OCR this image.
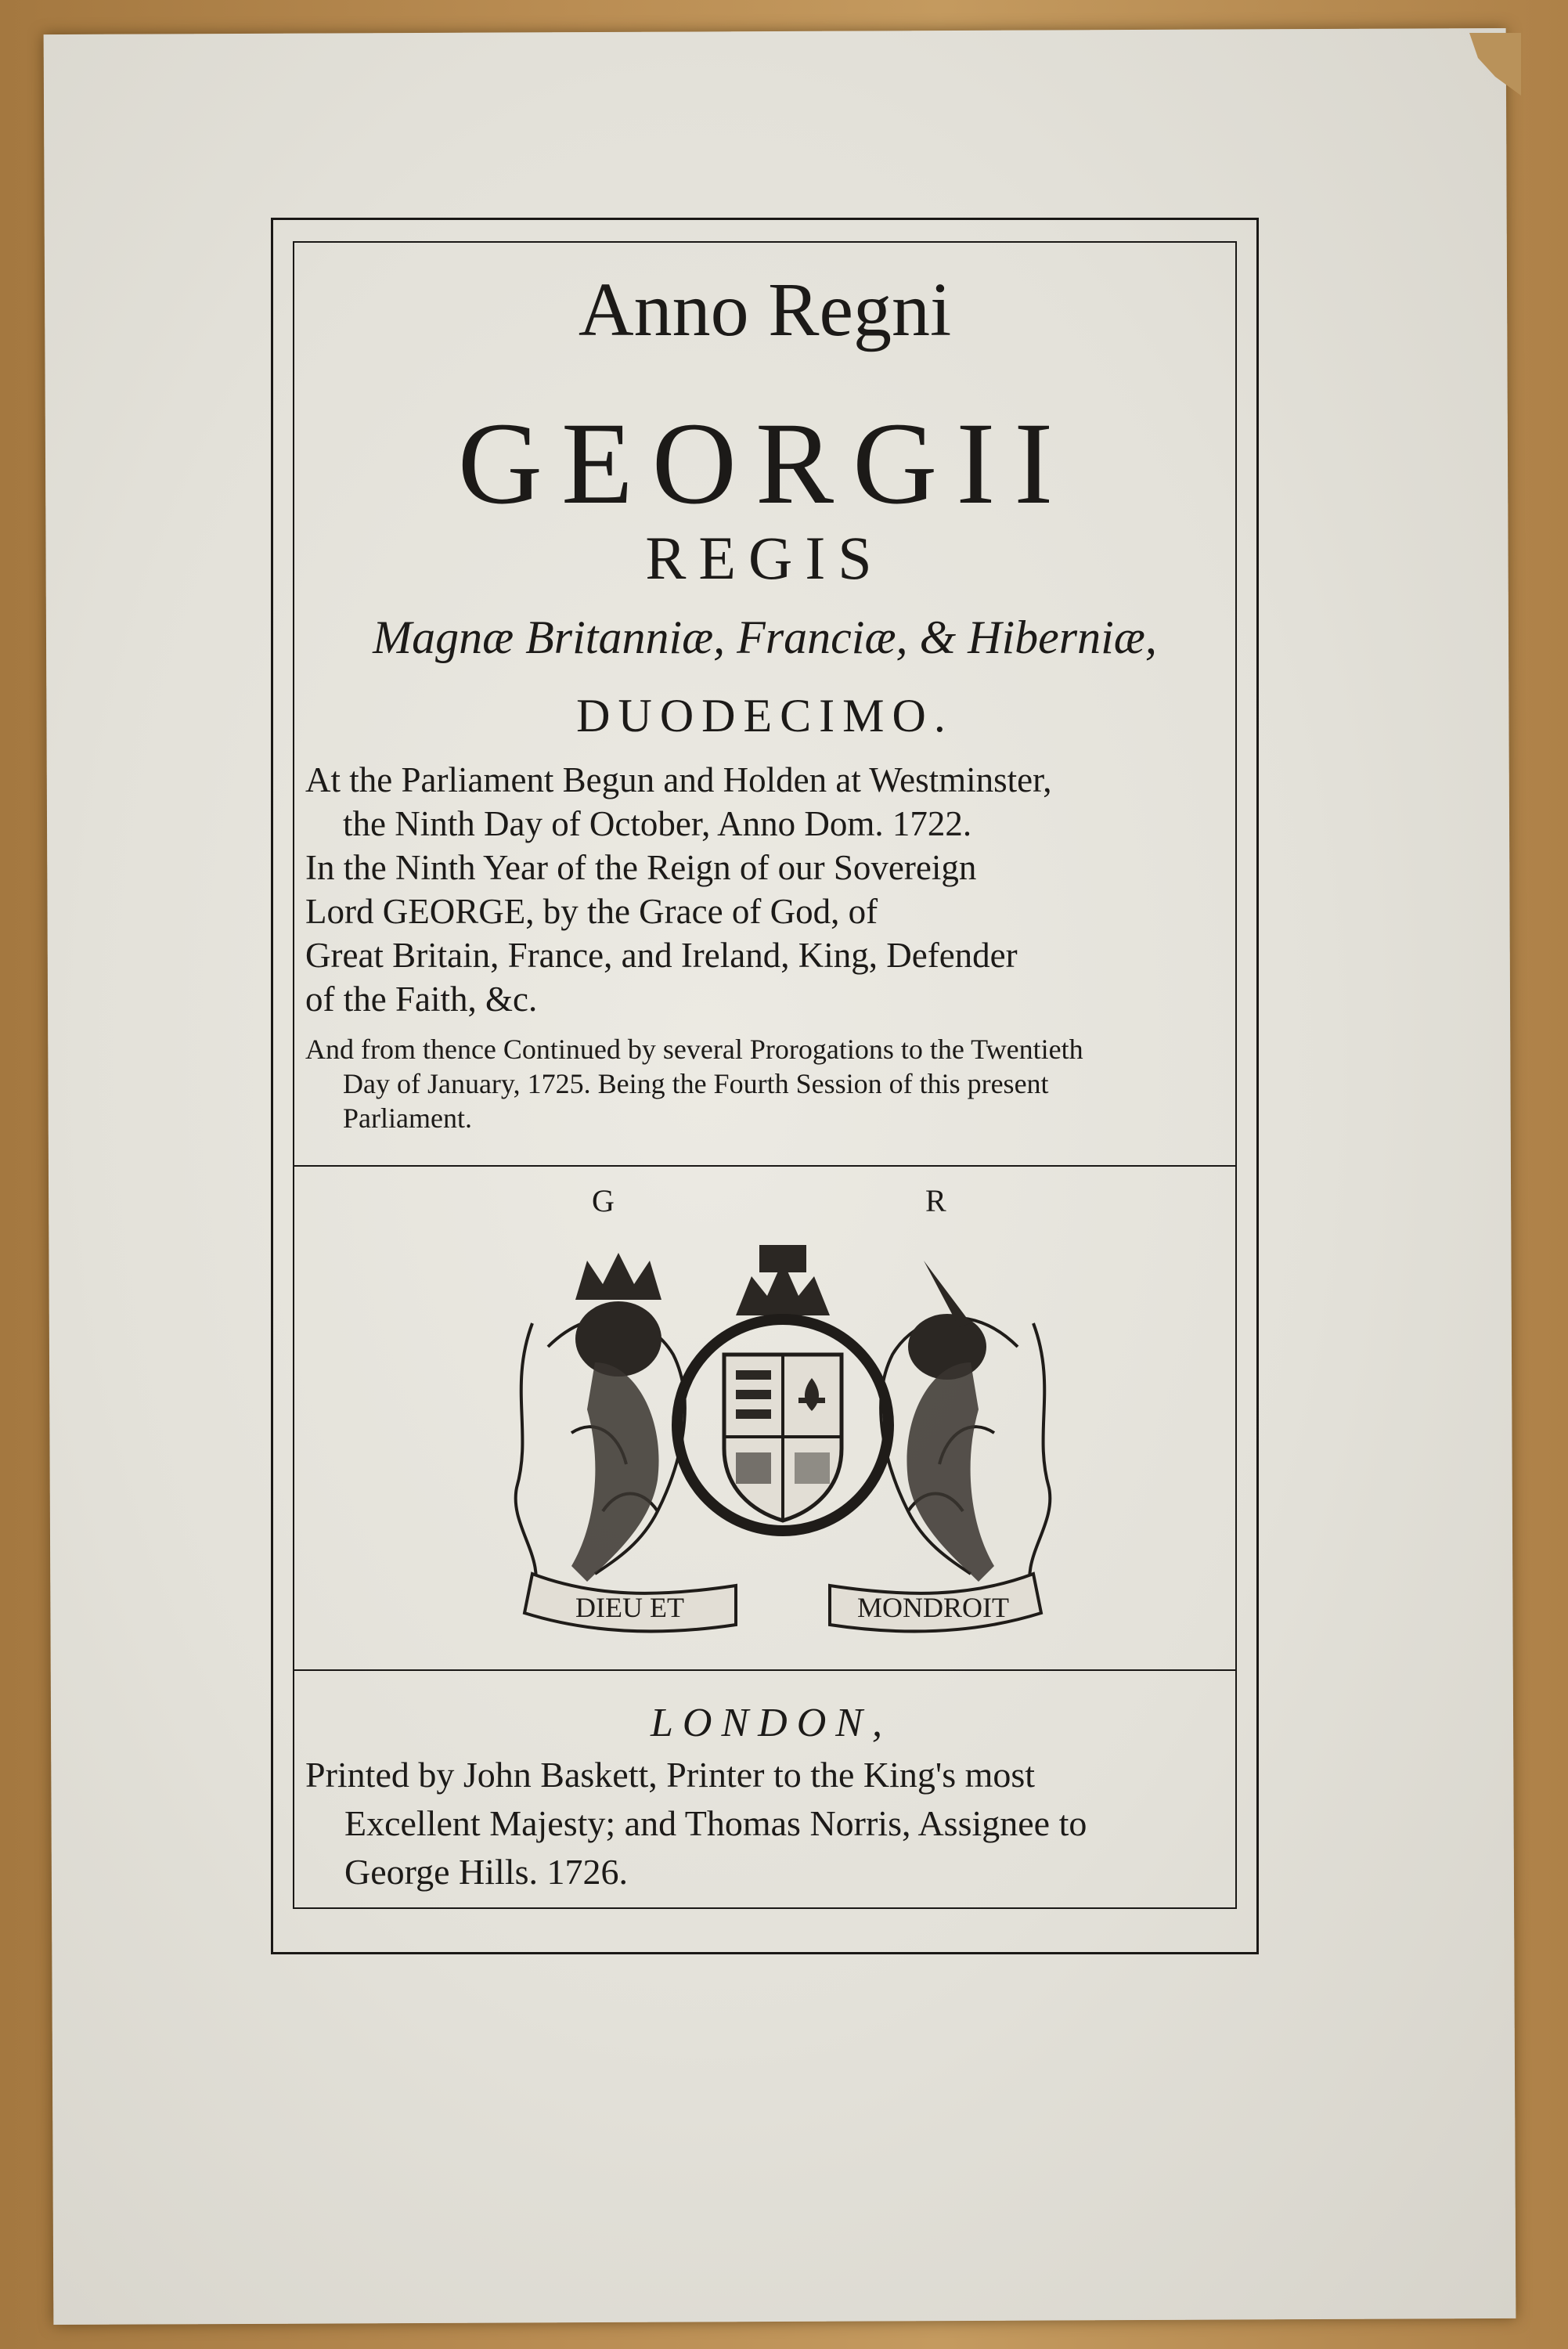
Anno Regni
GEORGII
REGIS
Magnæ Britanniæ, Franciæ, & Hiberniæ,
DUODECIMO.
At the Parliament Begun and Holden at Westminster,
the Ninth Day of October, Anno Dom. 1722.
In the Ninth Year of the Reign of our Sovereign
Lord GEORGE, by the Grace of God, of
Great Britain, France, and Ireland, King, Defender
of the Faith, &c.
And from thence Continued by several Prorogations to the Twentieth
Day of January, 1725. Being the Fourth Session of this present
Parliament.
G	R
DIEU ET	MONDROIT
LONDON,
Printed by John Baskett, Printer to the King's most
Excellent Majesty; and Thomas Norris, Assignee to
George Hills. 1726.
